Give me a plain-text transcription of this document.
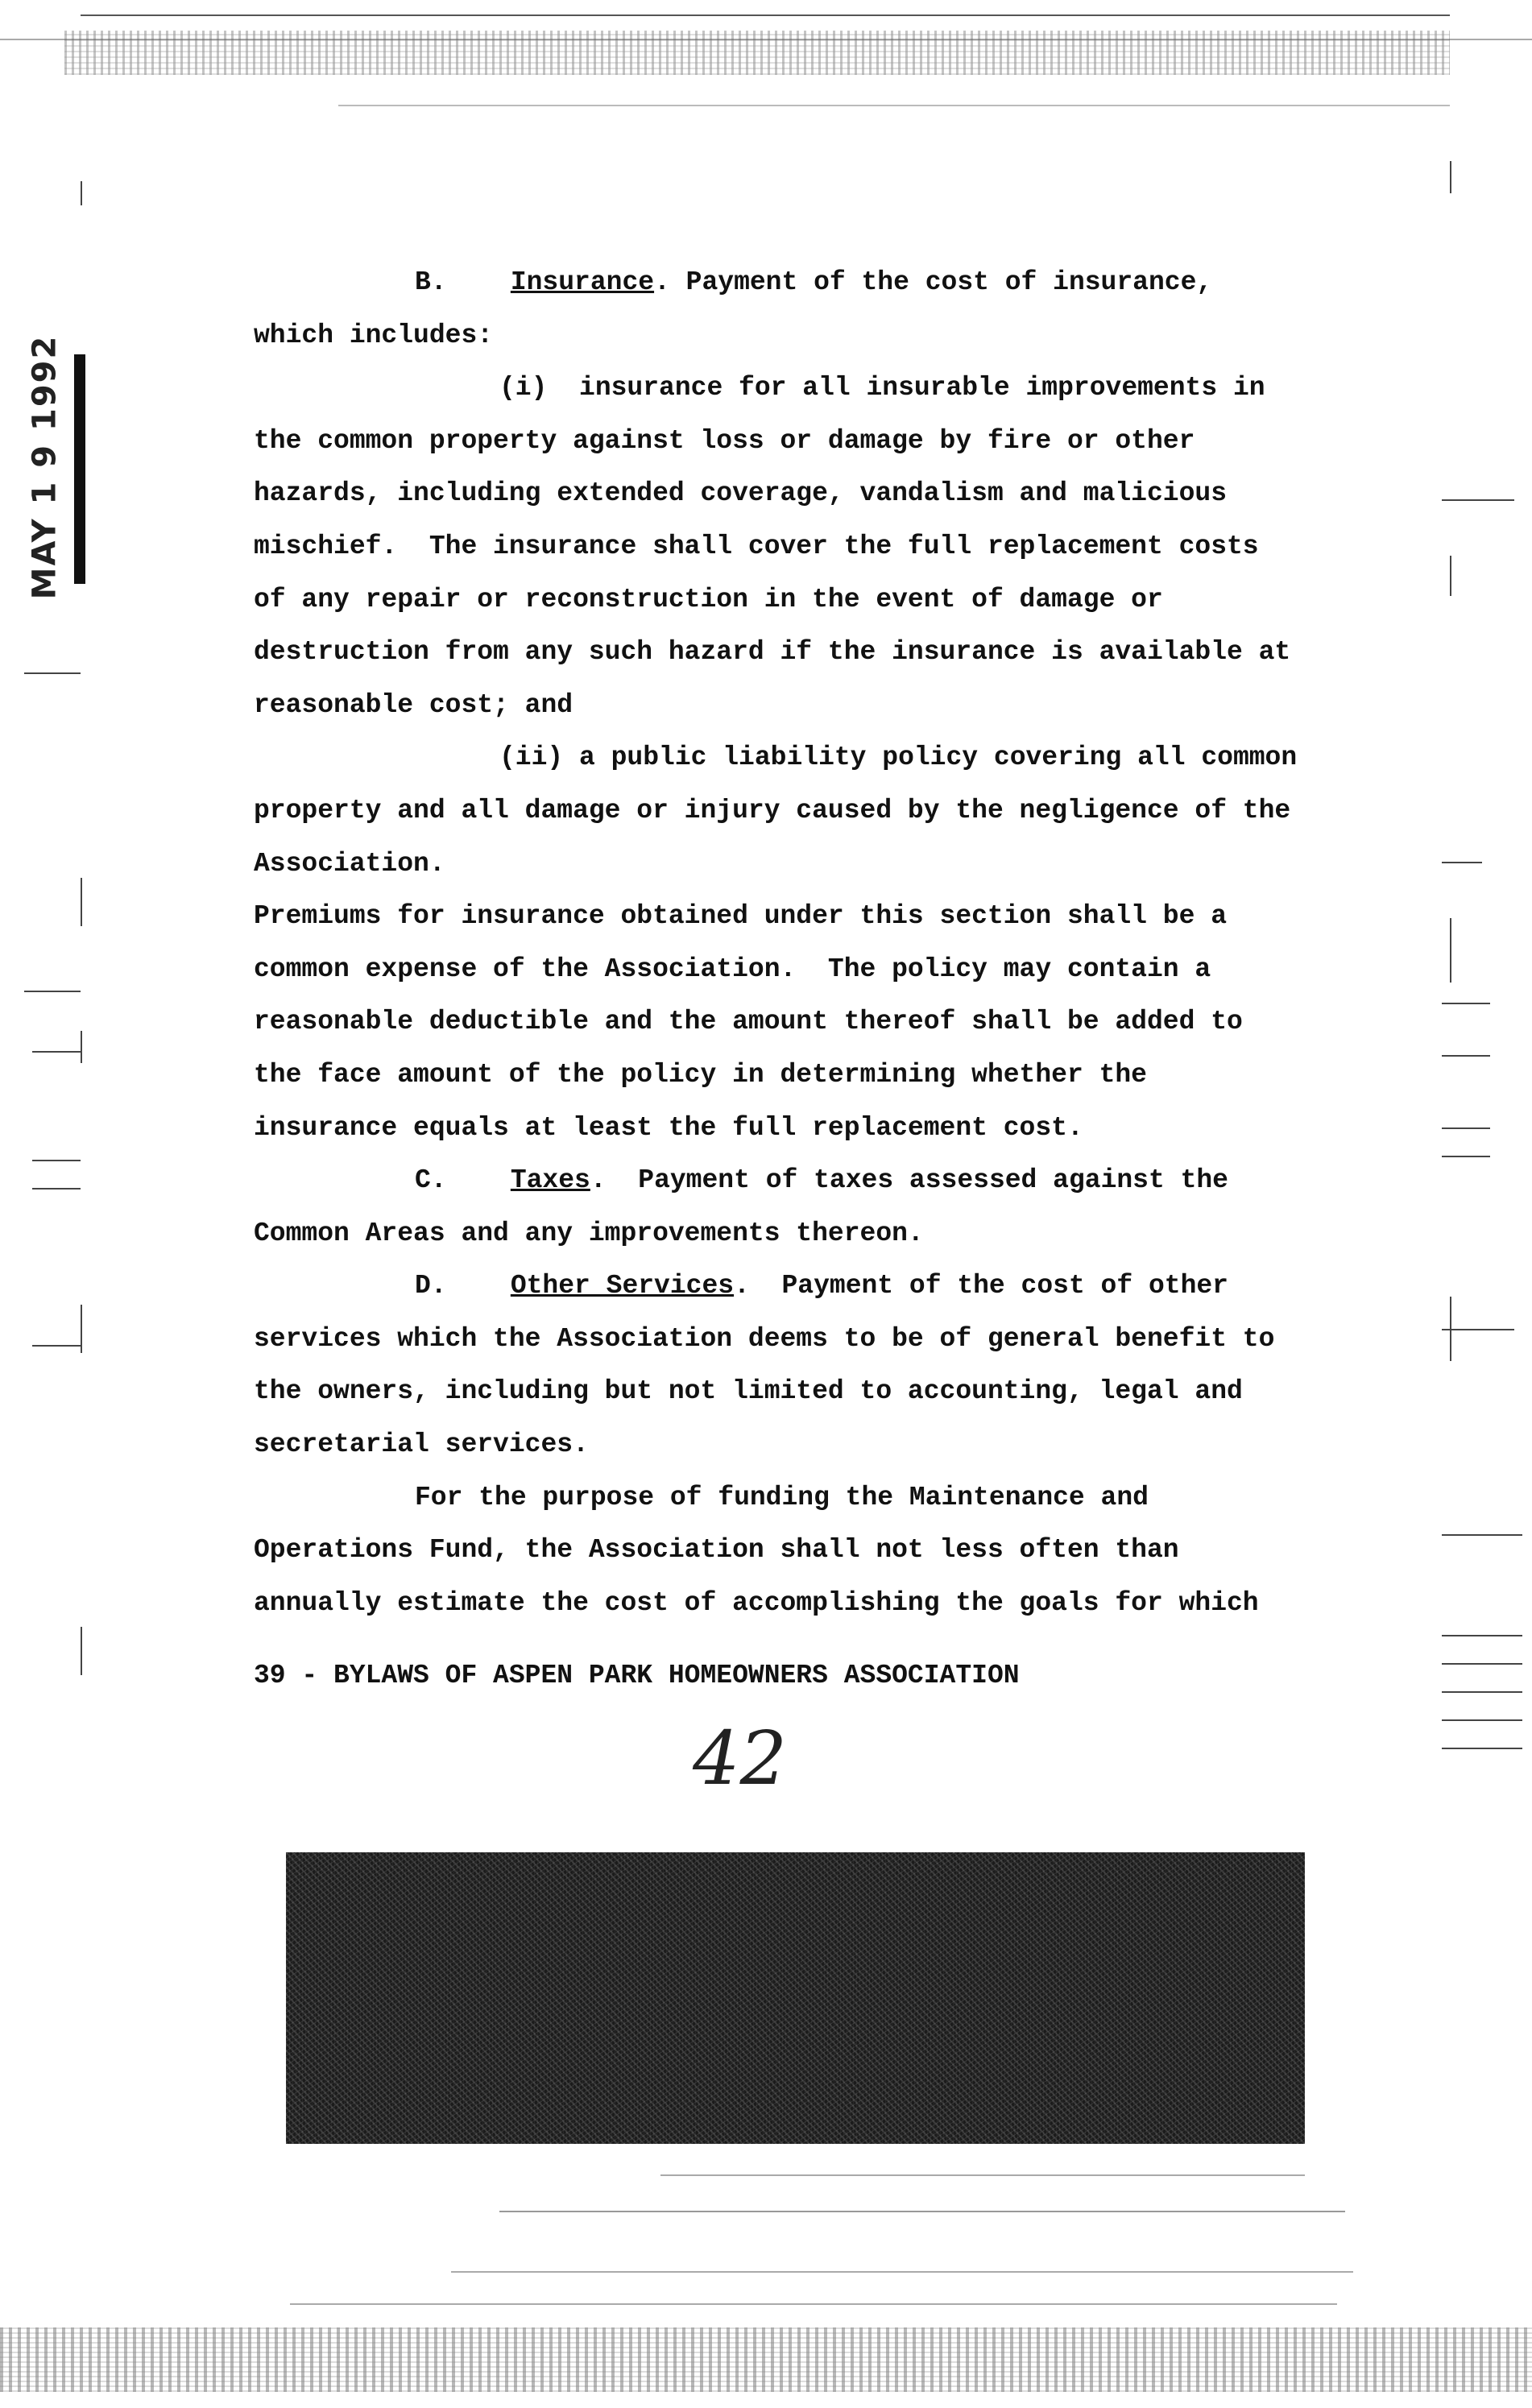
MAY 1 9 1992
B. Insurance. Payment of the cost of insurance,
which includes:
(i)  insurance for all insurable improvements in
the common property against loss or damage by fire or other
hazards, including extended coverage, vandalism and malicious
mischief.  The insurance shall cover the full replacement costs
of any repair or reconstruction in the event of damage or
destruction from any such hazard if the insurance is available at
reasonable cost; and
(ii) a public liability policy covering all common
property and all damage or injury caused by the negligence of the
Association.
Premiums for insurance obtained under this section shall be a
common expense of the Association.  The policy may contain a
reasonable deductible and the amount thereof shall be added to
the face amount of the policy in determining whether the
insurance equals at least the full replacement cost.
C. Taxes.  Payment of taxes assessed against the
Common Areas and any improvements thereon.
D. Other Services.  Payment of the cost of other
services which the Association deems to be of general benefit to
the owners, including but not limited to accounting, legal and
secretarial services.
For the purpose of funding the Maintenance and
Operations Fund, the Association shall not less often than
annually estimate the cost of accomplishing the goals for which
39 - BYLAWS OF ASPEN PARK HOMEOWNERS ASSOCIATION
42
